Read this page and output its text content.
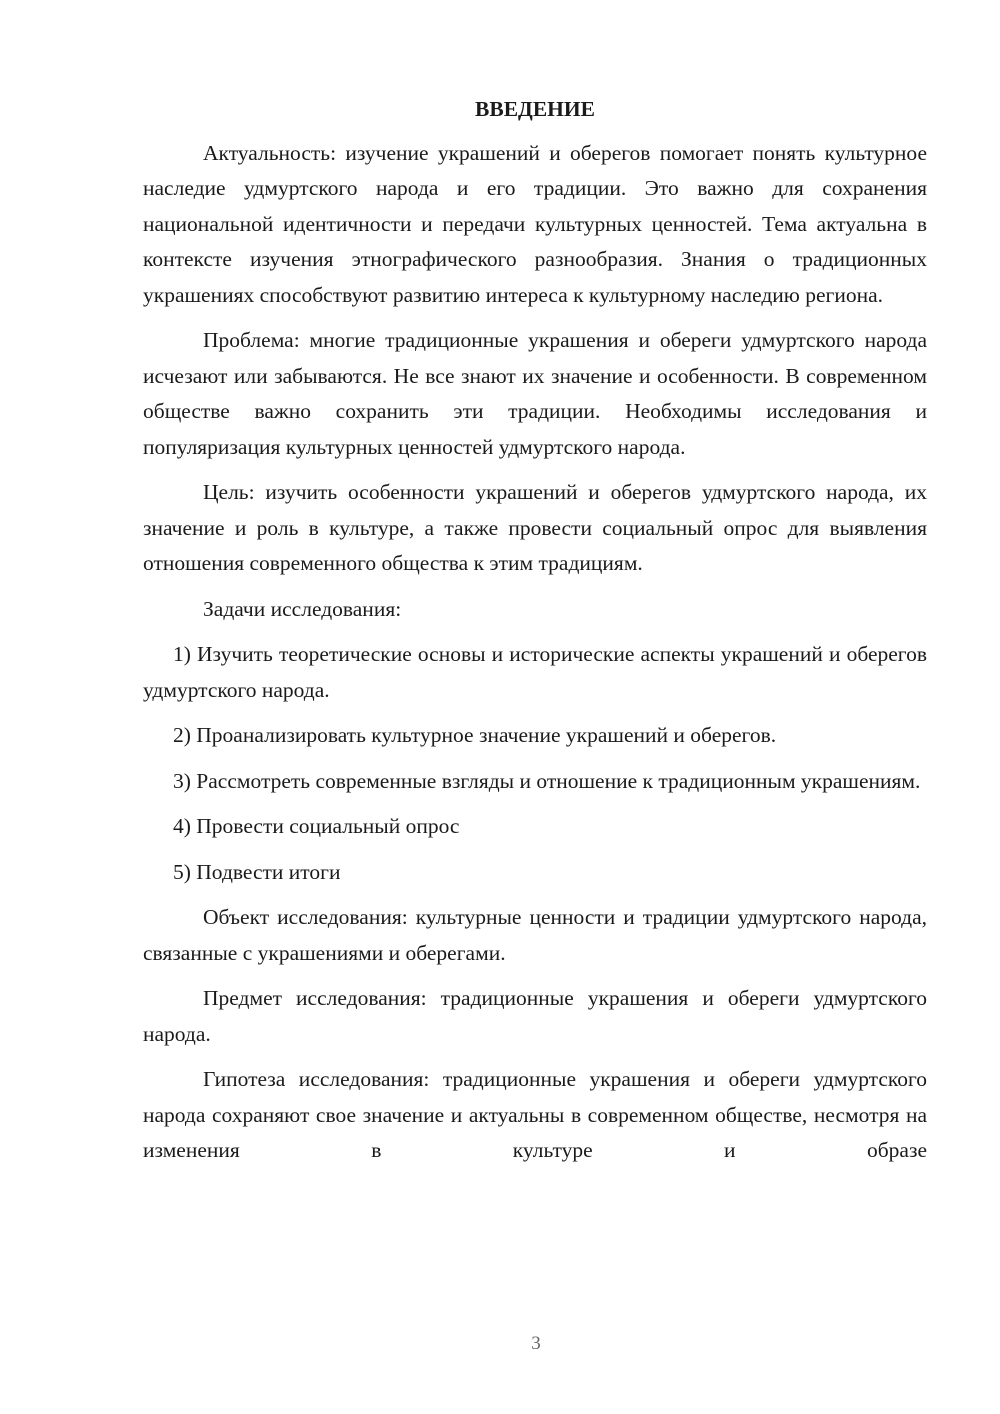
ВВЕДЕНИЕ

Актуальность: изучение украшений и оберегов помогает понять культурное наследие удмуртского народа и его традиции. Это важно для сохранения национальной идентичности и передачи культурных ценностей. Тема актуальна в контексте изучения этнографического разнообразия. Знания о традиционных украшениях способствуют развитию интереса к культурному наследию региона.

Проблема: многие традиционные украшения и обереги удмуртского народа исчезают или забываются. Не все знают их значение и особенности. В современном обществе важно сохранить эти традиции. Необходимы исследования и популяризация культурных ценностей удмуртского народа.

Цель: изучить особенности украшений и оберегов удмуртского народа, их значение и роль в культуре, а также провести социальный опрос для выявления отношения современного общества к этим традициям.

Задачи исследования:

1) Изучить теоретические основы и исторические аспекты украшений и оберегов удмуртского народа.

2) Проанализировать культурное значение украшений и оберегов.

3) Рассмотреть современные взгляды и отношение к традиционным украшениям.

4) Провести социальный опрос

5) Подвести итоги

Объект исследования: культурные ценности и традиции удмуртского народа, связанные с украшениями и оберегами.

Предмет исследования: традиционные украшения и обереги удмуртского народа.

Гипотеза исследования: традиционные украшения и обереги удмуртского народа сохраняют свое значение и актуальны в современном обществе, несмотря на изменения в культуре и образе

3
